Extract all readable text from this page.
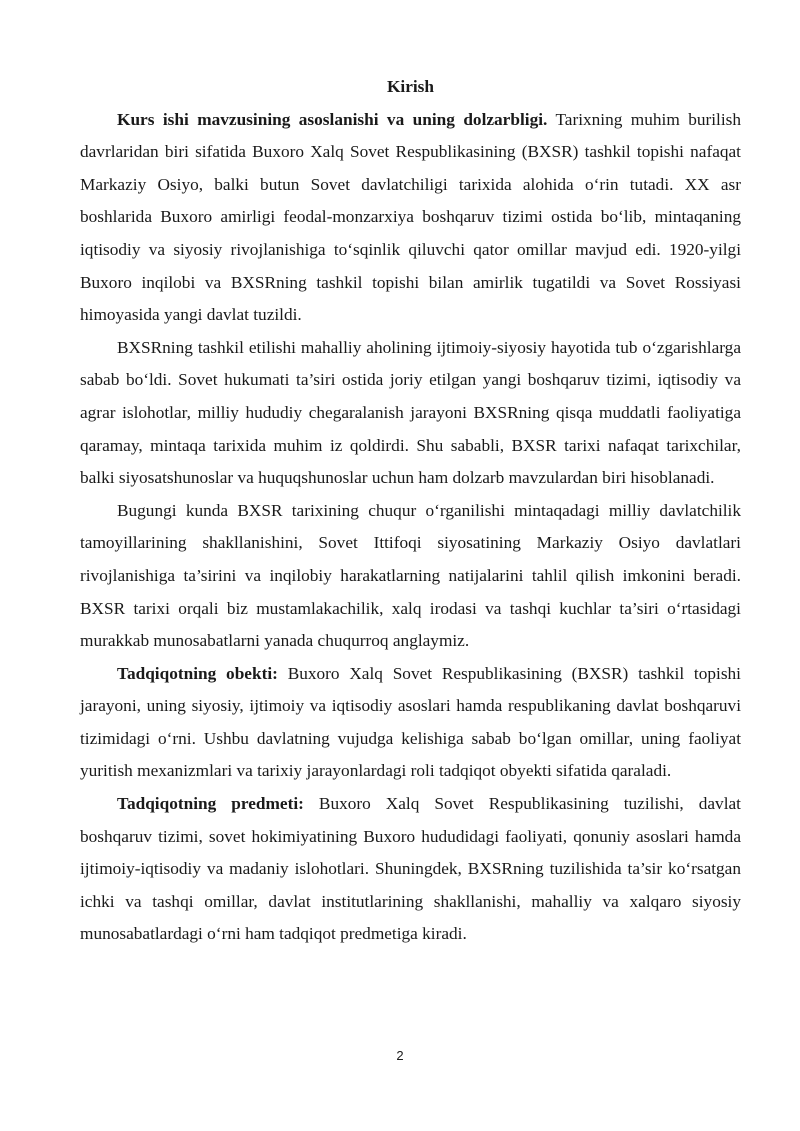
Kirish

Kurs ishi mavzusining asoslanishi va uning dolzarbligi. Tarixning muhim burilish davrlaridan biri sifatida Buxoro Xalq Sovet Respublikasining (BXSR) tashkil topishi nafaqat Markaziy Osiyo, balki butun Sovet davlatchiligi tarixida alohida o‘rin tutadi. XX asr boshlarida Buxoro amirligi feodal-monzarxiya boshqaruv tizimi ostida bo‘lib, mintaqaning iqtisodiy va siyosiy rivojlanishiga to‘sqinlik qiluvchi qator omillar mavjud edi. 1920-yilgi Buxoro inqilobi va BXSRning tashkil topishi bilan amirlik tugatildi va Sovet Rossiyasi himoyasida yangi davlat tuzildi.

BXSRning tashkil etilishi mahalliy aholining ijtimoiy-siyosiy hayotida tub o‘zgarishlarga sabab bo‘ldi. Sovet hukumati ta’siri ostida joriy etilgan yangi boshqaruv tizimi, iqtisodiy va agrar islohotlar, milliy hududiy chegaralanish jarayoni BXSRning qisqa muddatli faoliyatiga qaramay, mintaqa tarixida muhim iz qoldirdi. Shu sababli, BXSR tarixi nafaqat tarixchilar, balki siyosatshunoslar va huquqshunoslar uchun ham dolzarb mavzulardan biri hisoblanadi.

Bugungi kunda BXSR tarixining chuqur o‘rganilishi mintaqadagi milliy davlatchilik tamoyillarining shakllanishini, Sovet Ittifoqi siyosatining Markaziy Osiyo davlatlari rivojlanishiga ta’sirini va inqilobiy harakatlarning natijalarini tahlil qilish imkonini beradi. BXSR tarixi orqali biz mustamlakachilik, xalq irodasi va tashqi kuchlar ta’siri o‘rtasidagi murakkab munosabatlarni yanada chuqurroq anglaymiz.

Tadqiqotning obekti: Buxoro Xalq Sovet Respublikasining (BXSR) tashkil topishi jarayoni, uning siyosiy, ijtimoiy va iqtisodiy asoslari hamda respublikaning davlat boshqaruvi tizimidagi o‘rni. Ushbu davlatning vujudga kelishiga sabab bo‘lgan omillar, uning faoliyat yuritish mexanizmlari va tarixiy jarayonlardagi roli tadqiqot obyekti sifatida qaraladi.

Tadqiqotning predmeti: Buxoro Xalq Sovet Respublikasining tuzilishi, davlat boshqaruv tizimi, sovet hokimiyatining Buxoro hududidagi faoliyati, qonuniy asoslari hamda ijtimoiy-iqtisodiy va madaniy islohotlari. Shuningdek, BXSRning tuzilishida ta’sir ko‘rsatgan ichki va tashqi omillar, davlat institutlarining shakllanishi, mahalliy va xalqaro siyosiy munosabatlardagi o‘rni ham tadqiqot predmetiga kiradi.

2
